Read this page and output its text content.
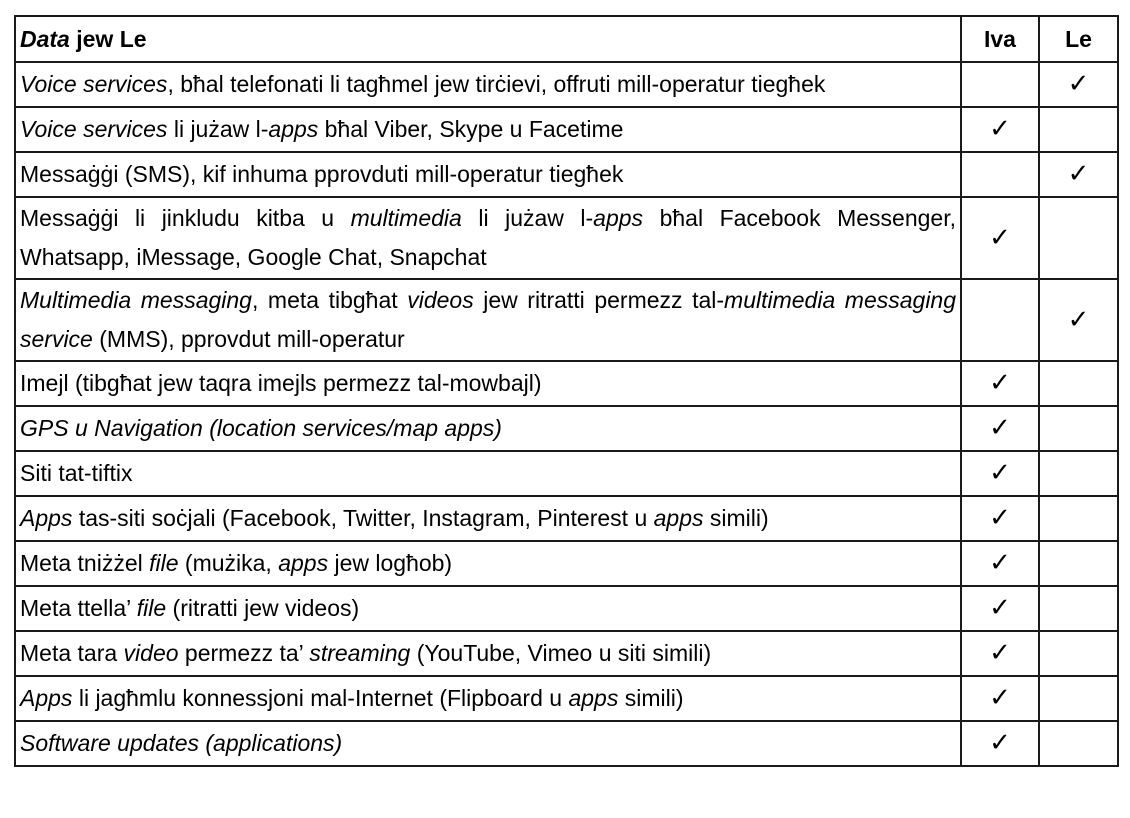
Data jew Le	Iva	Le
Voice services, bħal telefonati li tagħmel jew tirċievi, offruti mill-operatur tiegħek		✓
Voice services li jużaw l-apps bħal Viber, Skype u Facetime	✓	
Messaġġi (SMS), kif inhuma pprovduti mill-operatur tiegħek		✓
Messaġġi li jinkludu kitba u multimedia li jużaw l-apps bħal Facebook Messenger, Whatsapp, iMessage, Google Chat, Snapchat	✓	
Multimedia messaging, meta tibgħat videos jew ritratti permezz tal-multimedia messaging service (MMS), pprovdut mill-operatur		✓
Imejl (tibgħat jew taqra imejls permezz tal-mowbajl)	✓	
GPS u Navigation (location services/map apps)	✓	
Siti tat-tiftix	✓	
Apps tas-siti soċjali (Facebook, Twitter, Instagram, Pinterest u apps simili)	✓	
Meta tniżżel file (mużika, apps jew logħob)	✓	
Meta ttella’ file (ritratti jew videos)	✓	
Meta tara video permezz ta’ streaming (YouTube, Vimeo u siti simili)	✓	
Apps li jagħmlu konnessjoni mal-Internet (Flipboard u apps simili)	✓	
Software updates (applications)	✓	
